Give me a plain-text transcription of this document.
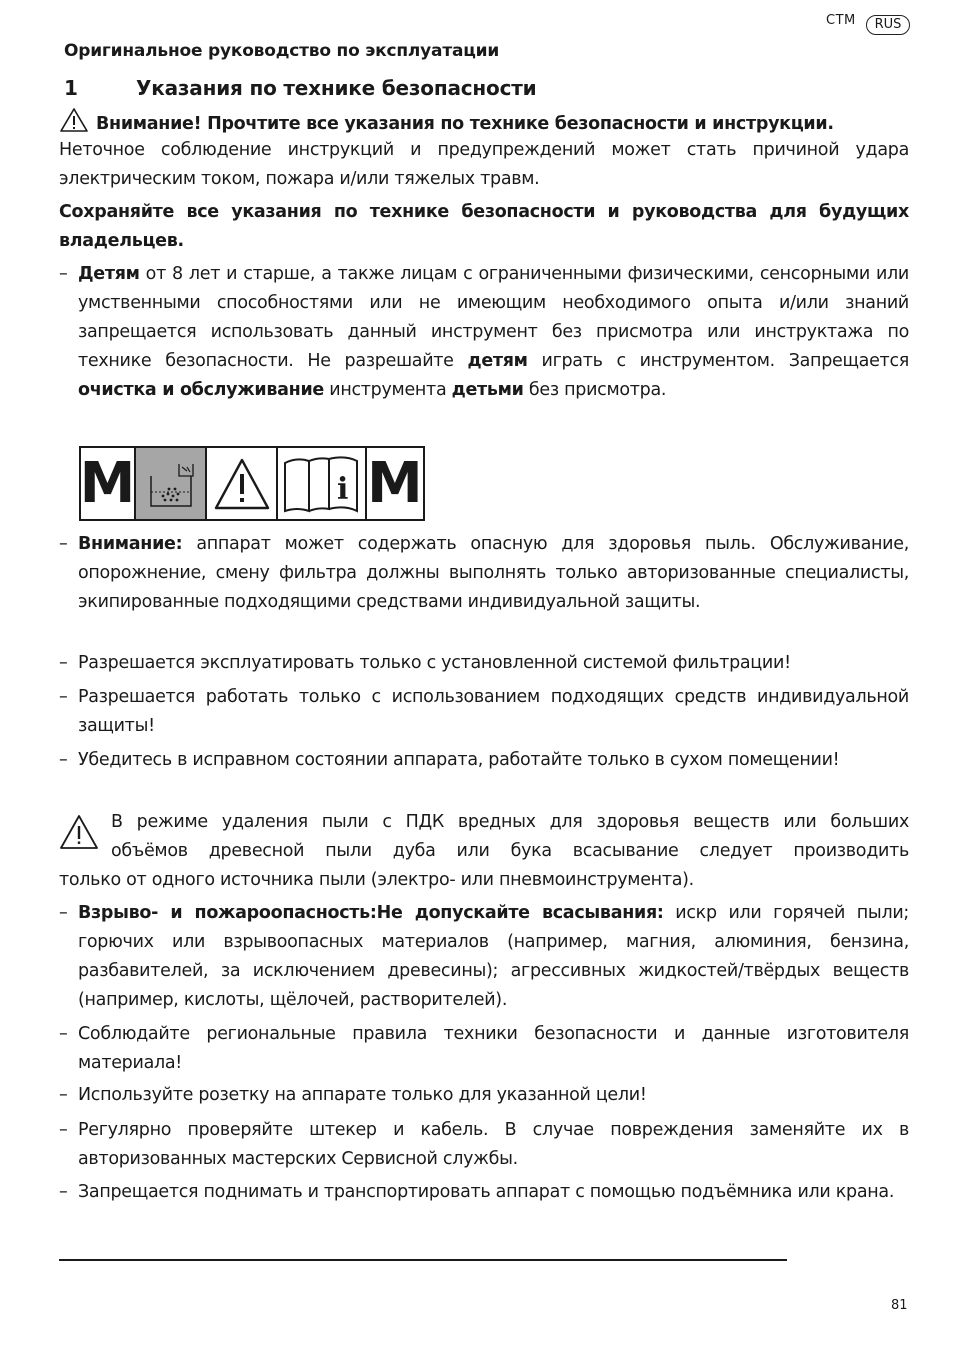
CTM	RUS
Оригинальное руководство по эксплуатации
1	Указания по технике безопасности
Внимание! Прочтите все указания по технике безопасности и инструкции.
Неточное соблюдение инструкций и предупреждений может стать причиной удара электрическим током, пожара и/или тяжелых травм.
Сохраняйте все указания по технике безопасности и руководства для будущих владельцев.
– Детям от 8 лет и старше, а также лицам с ограниченными физическими, сенсорными или умственными способностями или не имеющим необходимого опыта и/или знаний запрещается использовать данный инструмент без присмотра или инструктажа по технике безопасности. Не разрешайте детям играть с инструментом. Запрещается очистка и обслуживание инструмента детьми без присмотра.
M	i M
– Внимание: аппарат может содержать опасную для здоровья пыль. Обслуживание, опорожнение, смену фильтра должны выполнять только авторизованные специалисты, экипированные подходящими средствами индивидуальной защиты.
– Разрешается эксплуатировать только с установленной системой фильтрации!
– Разрешается работать только с использованием подходящих средств индивидуальной защиты!
– Убедитесь в исправном состоянии аппарата, работайте только в сухом помещении!
В режиме удаления пыли с ПДК вредных для здоровья веществ или больших
объёмов древесной пыли дуба или бука всасывание следует производить
только от одного источника пыли (электро- или пневмоинструмента).
– Взрыво- и пожароопасность:Не допускайте всасывания: искр или горячей пыли; горючих или взрывоопасных материалов (например, магния, алюминия, бензина, разбавителей, за исключением древесины); агрессивных жидкостей/твёрдых веществ (например, кислоты, щёлочей, растворителей).
– Соблюдайте региональные правила техники безопасности и данные изготовителя материала!
– Используйте розетку на аппарате только для указанной цели!
– Регулярно проверяйте штекер и кабель. В случае повреждения заменяйте их в авторизованных мастерских Сервисной службы.
– Запрещается поднимать и транспортировать аппарат с помощью подъёмника или крана.
81
